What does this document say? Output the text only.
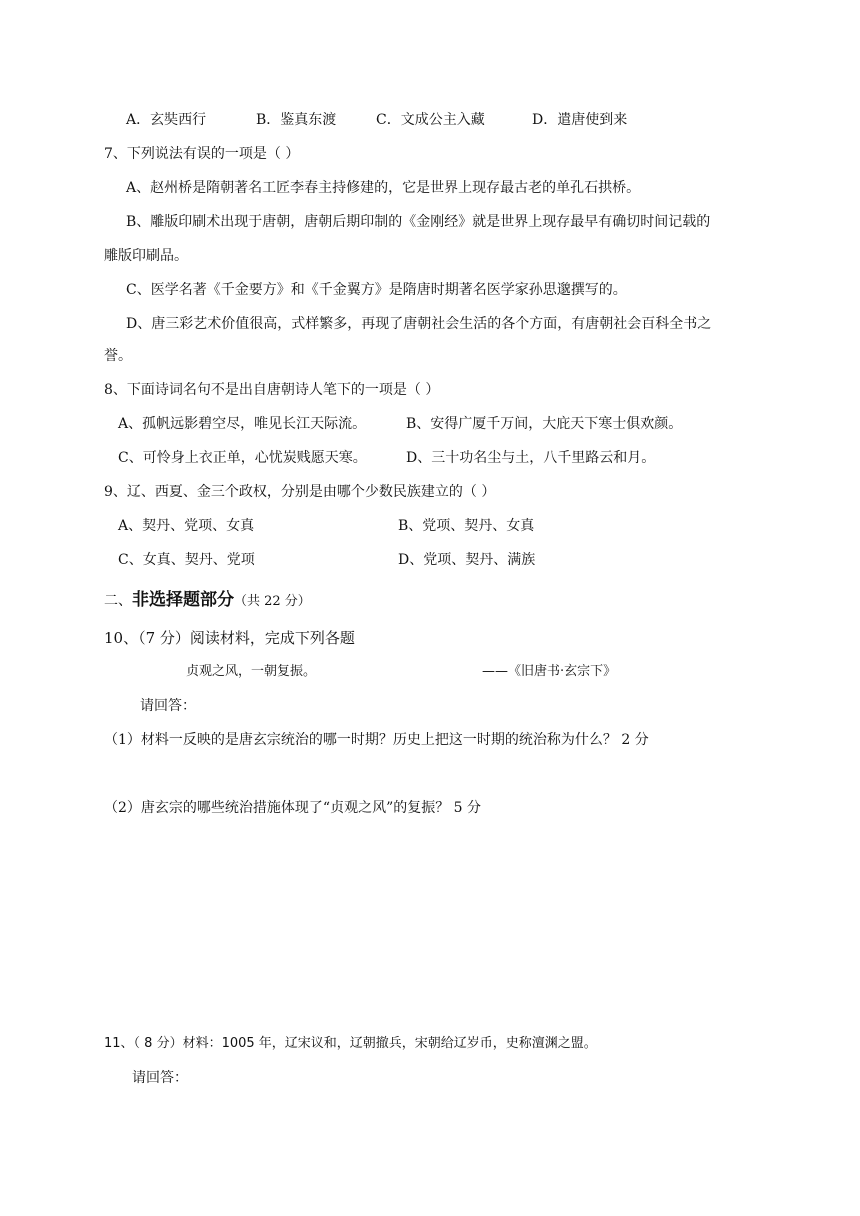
A．玄奘西行	B．鉴真东渡	C．文成公主入藏	D．遣唐使到来
7、下列说法有误的一项是（ ）
A、赵州桥是隋朝著名工匠李春主持修建的，它是世界上现存最古老的单孔石拱桥。
B、雕版印刷术出现于唐朝，唐朝后期印制的《金刚经》就是世界上现存最早有确切时间记载的
雕版印刷品。
C、医学名著《千金要方》和《千金翼方》是隋唐时期著名医学家孙思邈撰写的。
D、唐三彩艺术价值很高，式样繁多，再现了唐朝社会生活的各个方面，有唐朝社会百科全书之
誉。
8、下面诗词名句不是出自唐朝诗人笔下的一项是（ ）
A、孤帆远影碧空尽，唯见长江天际流。	B、安得广厦千万间，大庇天下寒士俱欢颜。
C、可怜身上衣正单，心忧炭贱愿天寒。	D、三十功名尘与土，八千里路云和月。
9、辽、西夏、金三个政权，分别是由哪个少数民族建立的（ ）
A、契丹、党项、女真	B、党项、契丹、女真
C、女真、契丹、党项	D、党项、契丹、满族
二、非选择题部分（共 22 分）
10、（7 分）阅读材料，完成下列各题
贞观之风，一朝复振。	——《旧唐书·玄宗下》
请回答：
（1）材料一反映的是唐玄宗统治的哪一时期？历史上把这一时期的统治称为什么？ 2 分
（2）唐玄宗的哪些统治措施体现了“贞观之风”的复振？ 5 分
11、（ 8 分）材料：1005 年，辽宋议和，辽朝撤兵，宋朝给辽岁币，史称澶渊之盟。
请回答：
